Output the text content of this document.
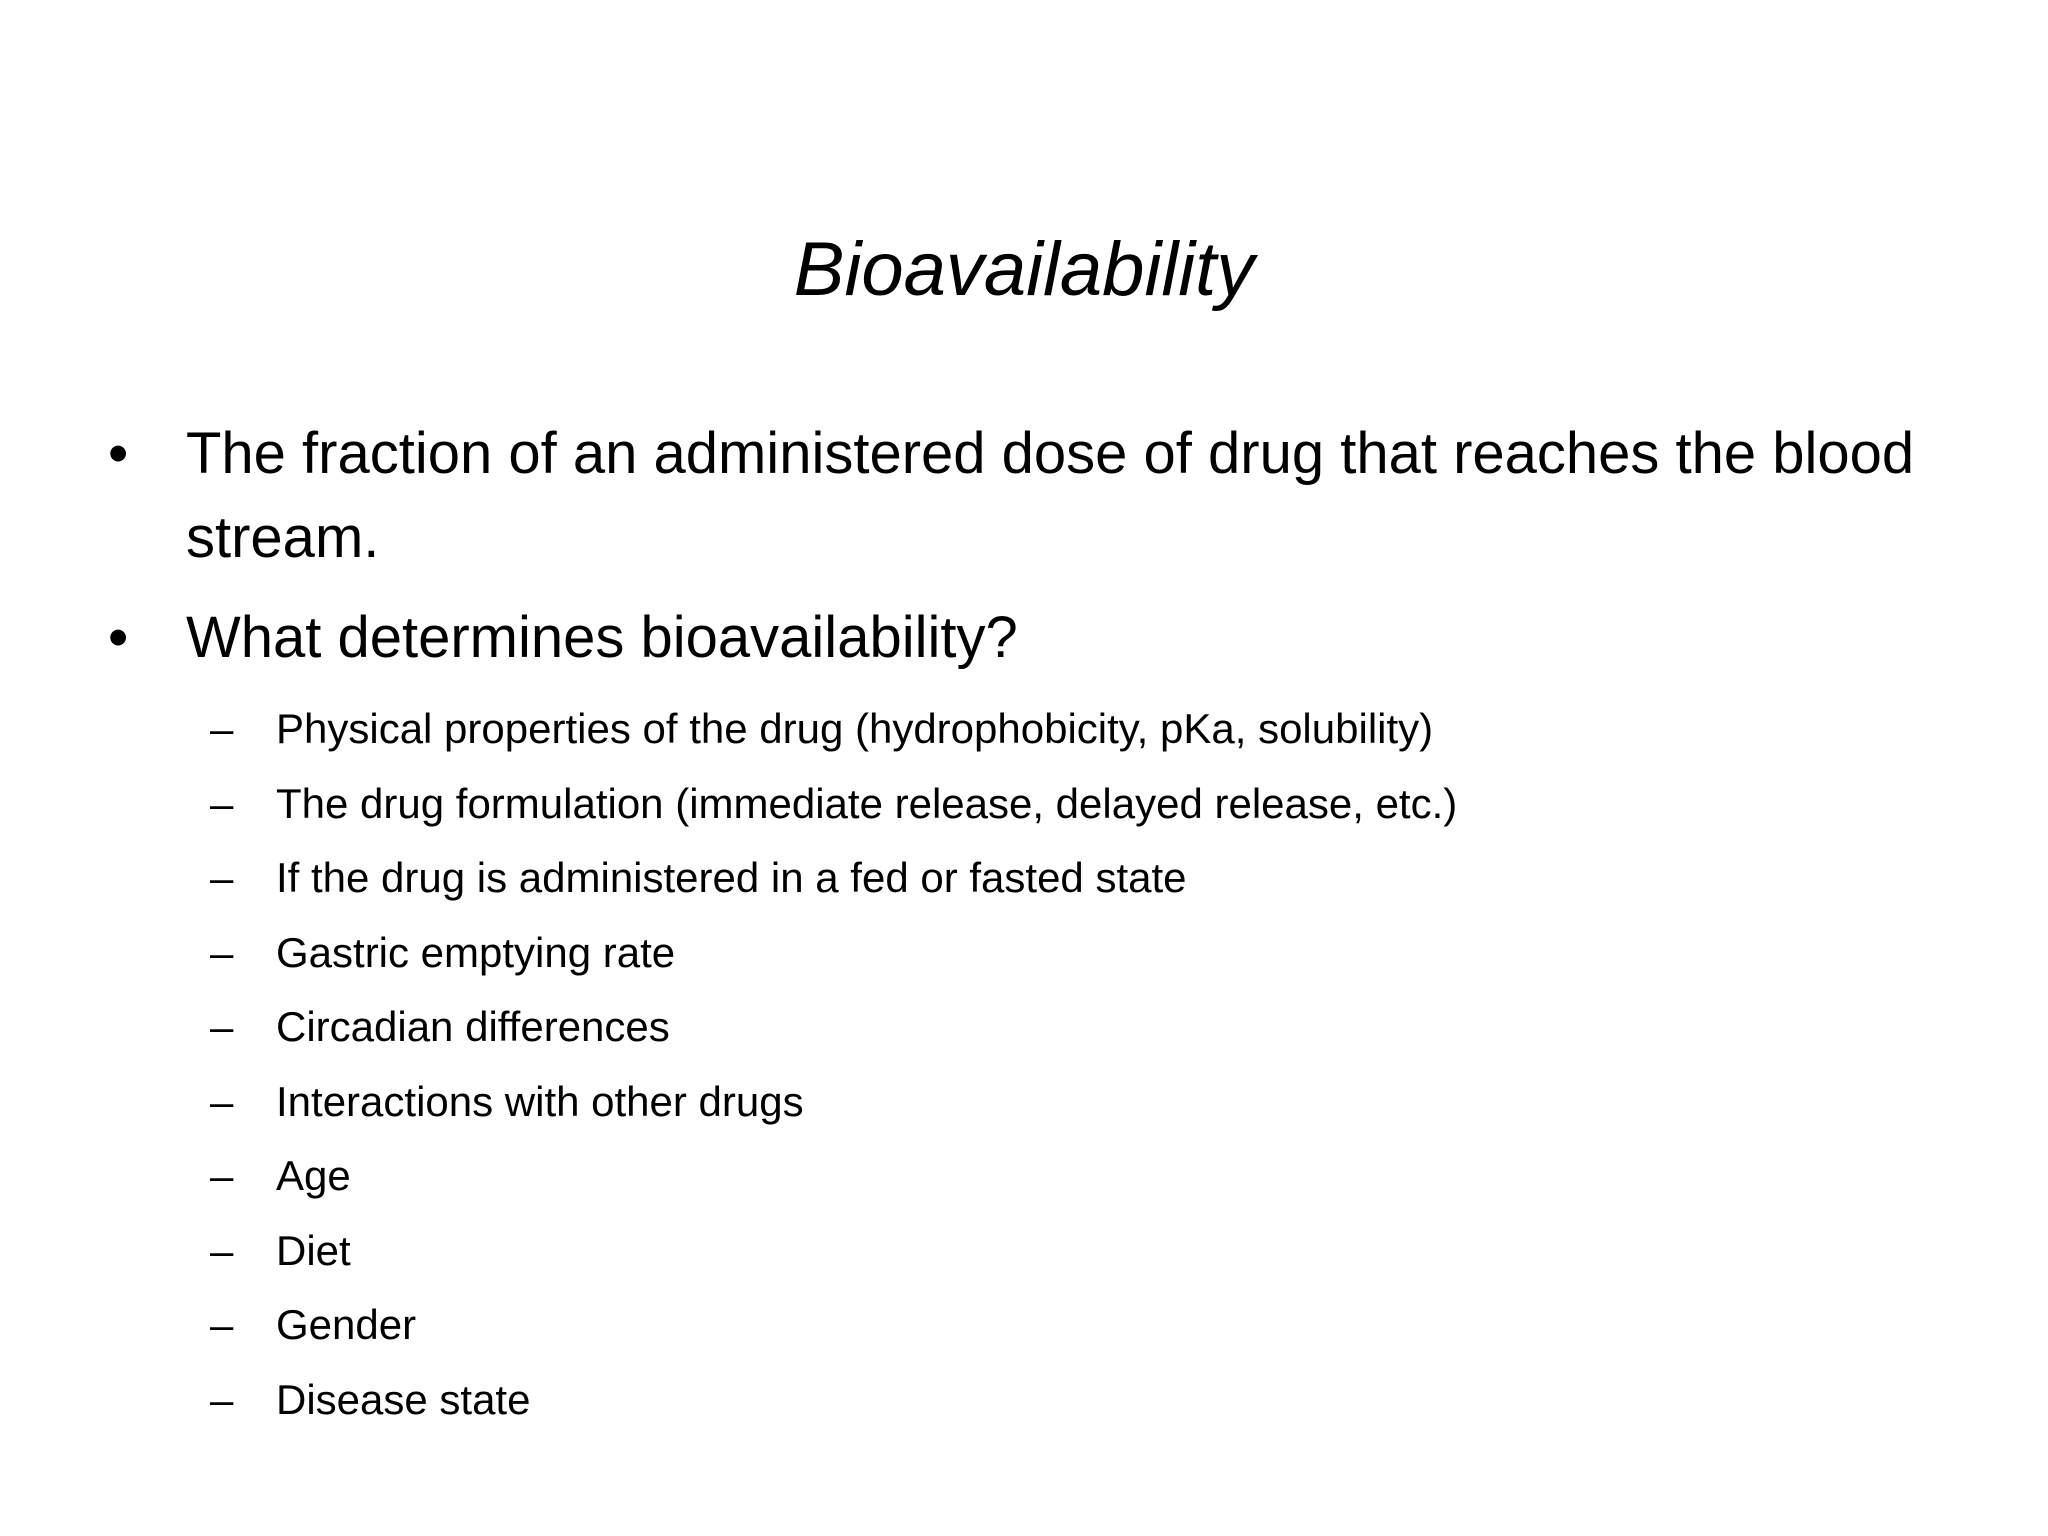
Bioavailability
• The fraction of an administered dose of drug that reaches the blood stream.
• What determines bioavailability?
– Physical properties of the drug (hydrophobicity, pKa, solubility)
– The drug formulation (immediate release, delayed release, etc.)
– If the drug is administered in a fed or fasted state
– Gastric emptying rate
– Circadian differences
– Interactions with other drugs
– Age
– Diet
– Gender
– Disease state
